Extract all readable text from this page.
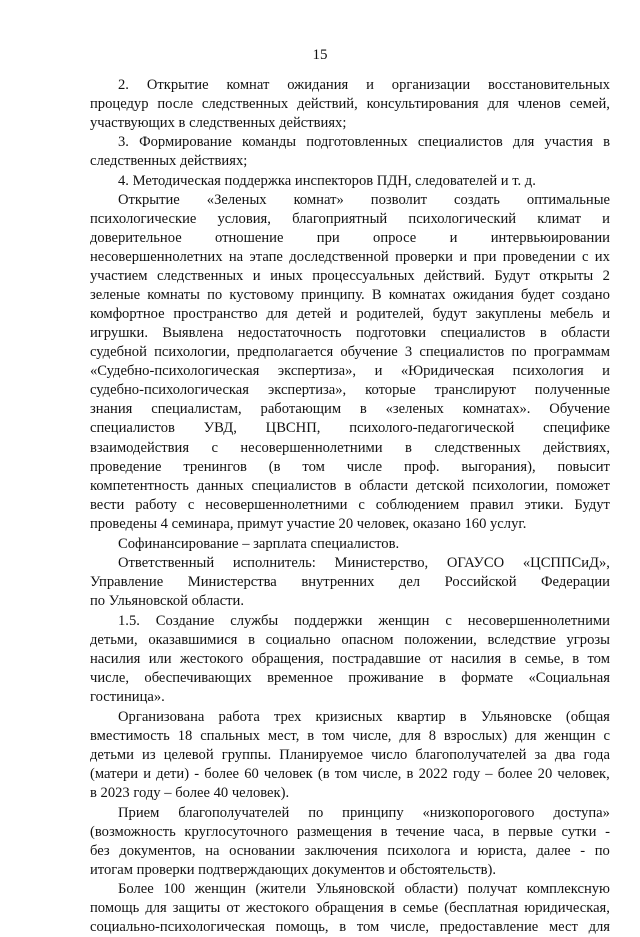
15
2. Открытие комнат ожидания и организации восстановительных
процедур после следственных действий, консультирования для членов семей,
участвующих в следственных действиях;
3. Формирование команды подготовленных специалистов для участия в
следственных действиях;
4. Методическая поддержка инспекторов ПДН, следователей и т. д.
Открытие «Зеленых комнат» позволит создать оптимальные
психологические условия, благоприятный психологический климат и
доверительное отношение при опросе и интервьюировании
несовершеннолетних на этапе доследственной проверки и при проведении с их
участием следственных и иных процессуальных действий. Будут открыты 2
зеленые комнаты по кустовому принципу. В комнатах ожидания будет создано
комфортное пространство для детей и родителей, будут закуплены мебель и
игрушки. Выявлена недостаточность подготовки специалистов в области
судебной психологии, предполагается обучение 3 специалистов по программам
«Судебно-психологическая экспертиза», и «Юридическая психология и
судебно-психологическая экспертиза», которые транслируют полученные
знания специалистам, работающим в «зеленых комнатах». Обучение
специалистов УВД, ЦВСНП, психолого-педагогической специфике
взаимодействия с несовершеннолетними в следственных действиях,
проведение тренингов (в том числе проф. выгорания), повысит
компетентность данных специалистов в области детской психологии, поможет
вести работу с несовершеннолетними с соблюдением правил этики. Будут
проведены 4 семинара, примут участие 20 человек, оказано 160 услуг.
Софинансирование – зарплата специалистов.
Ответственный исполнитель: Министерство, ОГАУСО «ЦСППСиД»,
Управление Министерства внутренних дел Российской Федерации
по Ульяновской области.
1.5. Создание службы поддержки женщин с несовершеннолетними
детьми, оказавшимися в социально опасном положении, вследствие угрозы
насилия или жестокого обращения, пострадавшие от насилия в семье, в том
числе, обеспечивающих временное проживание в формате «Социальная
гостиница».
Организована работа трех кризисных квартир в Ульяновске (общая
вместимость 18 спальных мест, в том числе, для 8 взрослых) для женщин с
детьми из целевой группы. Планируемое число благополучателей за два года
(матери и дети) - более 60 человек (в том числе, в 2022 году – более 20 человек,
в 2023 году – более 40 человек).
Прием благополучателей по принципу «низкопорогового доступа»
(возможность круглосуточного размещения в течение часа, в первые сутки -
без документов, на основании заключения психолога и юриста, далее - по
итогам проверки подтверждающих документов и обстоятельств).
Более 100 женщин (жители Ульяновской области) получат комплексную
помощь для защиты от жестокого обращения в семье (бесплатная юридическая,
социально-психологическая помощь, в том числе, предоставление мест для
